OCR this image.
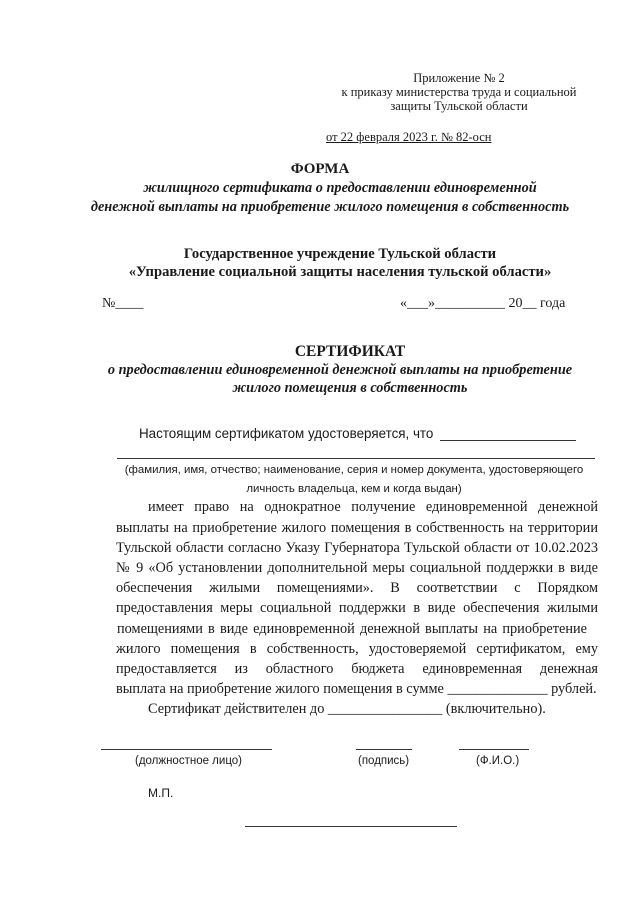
Приложение № 2
к приказу министерства труда и социальной
защиты Тульской области
от 22 февраля 2023 г. № 82-осн
ФОРМА
жилищного сертификата о предоставлении единовременной
денежной выплаты на приобретение жилого помещения в собственность
Государственное учреждение Тульской области
«Управление социальной защиты населения тульской области»
№____	«___»__________ 20__ года
СЕРТИФИКАТ
о предоставлении единовременной денежной выплаты на приобретение
жилого помещения в собственность
Настоящим сертификатом удостоверяется, что
(фамилия, имя, отчество; наименование, серия и номер документа, удостоверяющего
личность владельца, кем и когда выдан)
имеет право на однократное получение единовременной денежной
выплаты на приобретение жилого помещения в собственность на территории
Тульской области согласно Указу Губернатора Тульской области от 10.02.2023
№ 9 «Об установлении дополнительной меры социальной поддержки в виде
обеспечения жилыми помещениями». В соответствии с Порядком
предоставления меры социальной поддержки в виде обеспечения жилыми
помещениями в виде единовременной денежной выплаты на приобретение
жилого помещения в собственность, удостоверяемой сертификатом, ему
предоставляется из областного бюджета единовременная денежная
выплата на приобретение жилого помещения в сумме ______________ рублей.
Сертификат действителен до ________________ (включительно).
(должностное лицо)	(подпись)	(Ф.И.О.)
М.П.
